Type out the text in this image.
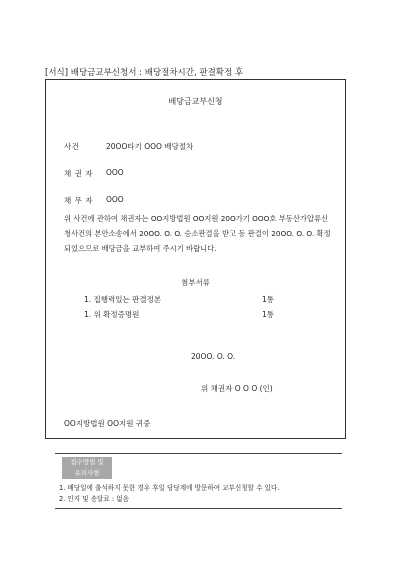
[서식] 배당금교부신청서 : 배당절차시간, 판결확정 후
배당금교부신청
사건	20OO타기 OOO 배당절차
채 권 자 OOO
채 무 자 OOO
위 사건에 관하여 채권자는 OO지방법원 OO지원 20O가기 OOO호 부동산가압류신청사건의 본안소송에서 20OO. O. O. 승소판결을 받고 동 판결이 20OO. O. O. 확정되었으므로 배당금을 교부하여 주시기 바랍니다.
첨부서류
1. 집행력있는 판결정본	1통
1. 위 확정증명원	1통
20OO. O. O.
위 채권자 O O O (인)
OO지방법원 OO지원 귀중
접수방법 및
유의사항
1. 배당일에 출석하지 못한 경우 후일 담당계에 방문하여 교부신청할 수 있다.
2. 인지 및 송달료 : 없음
